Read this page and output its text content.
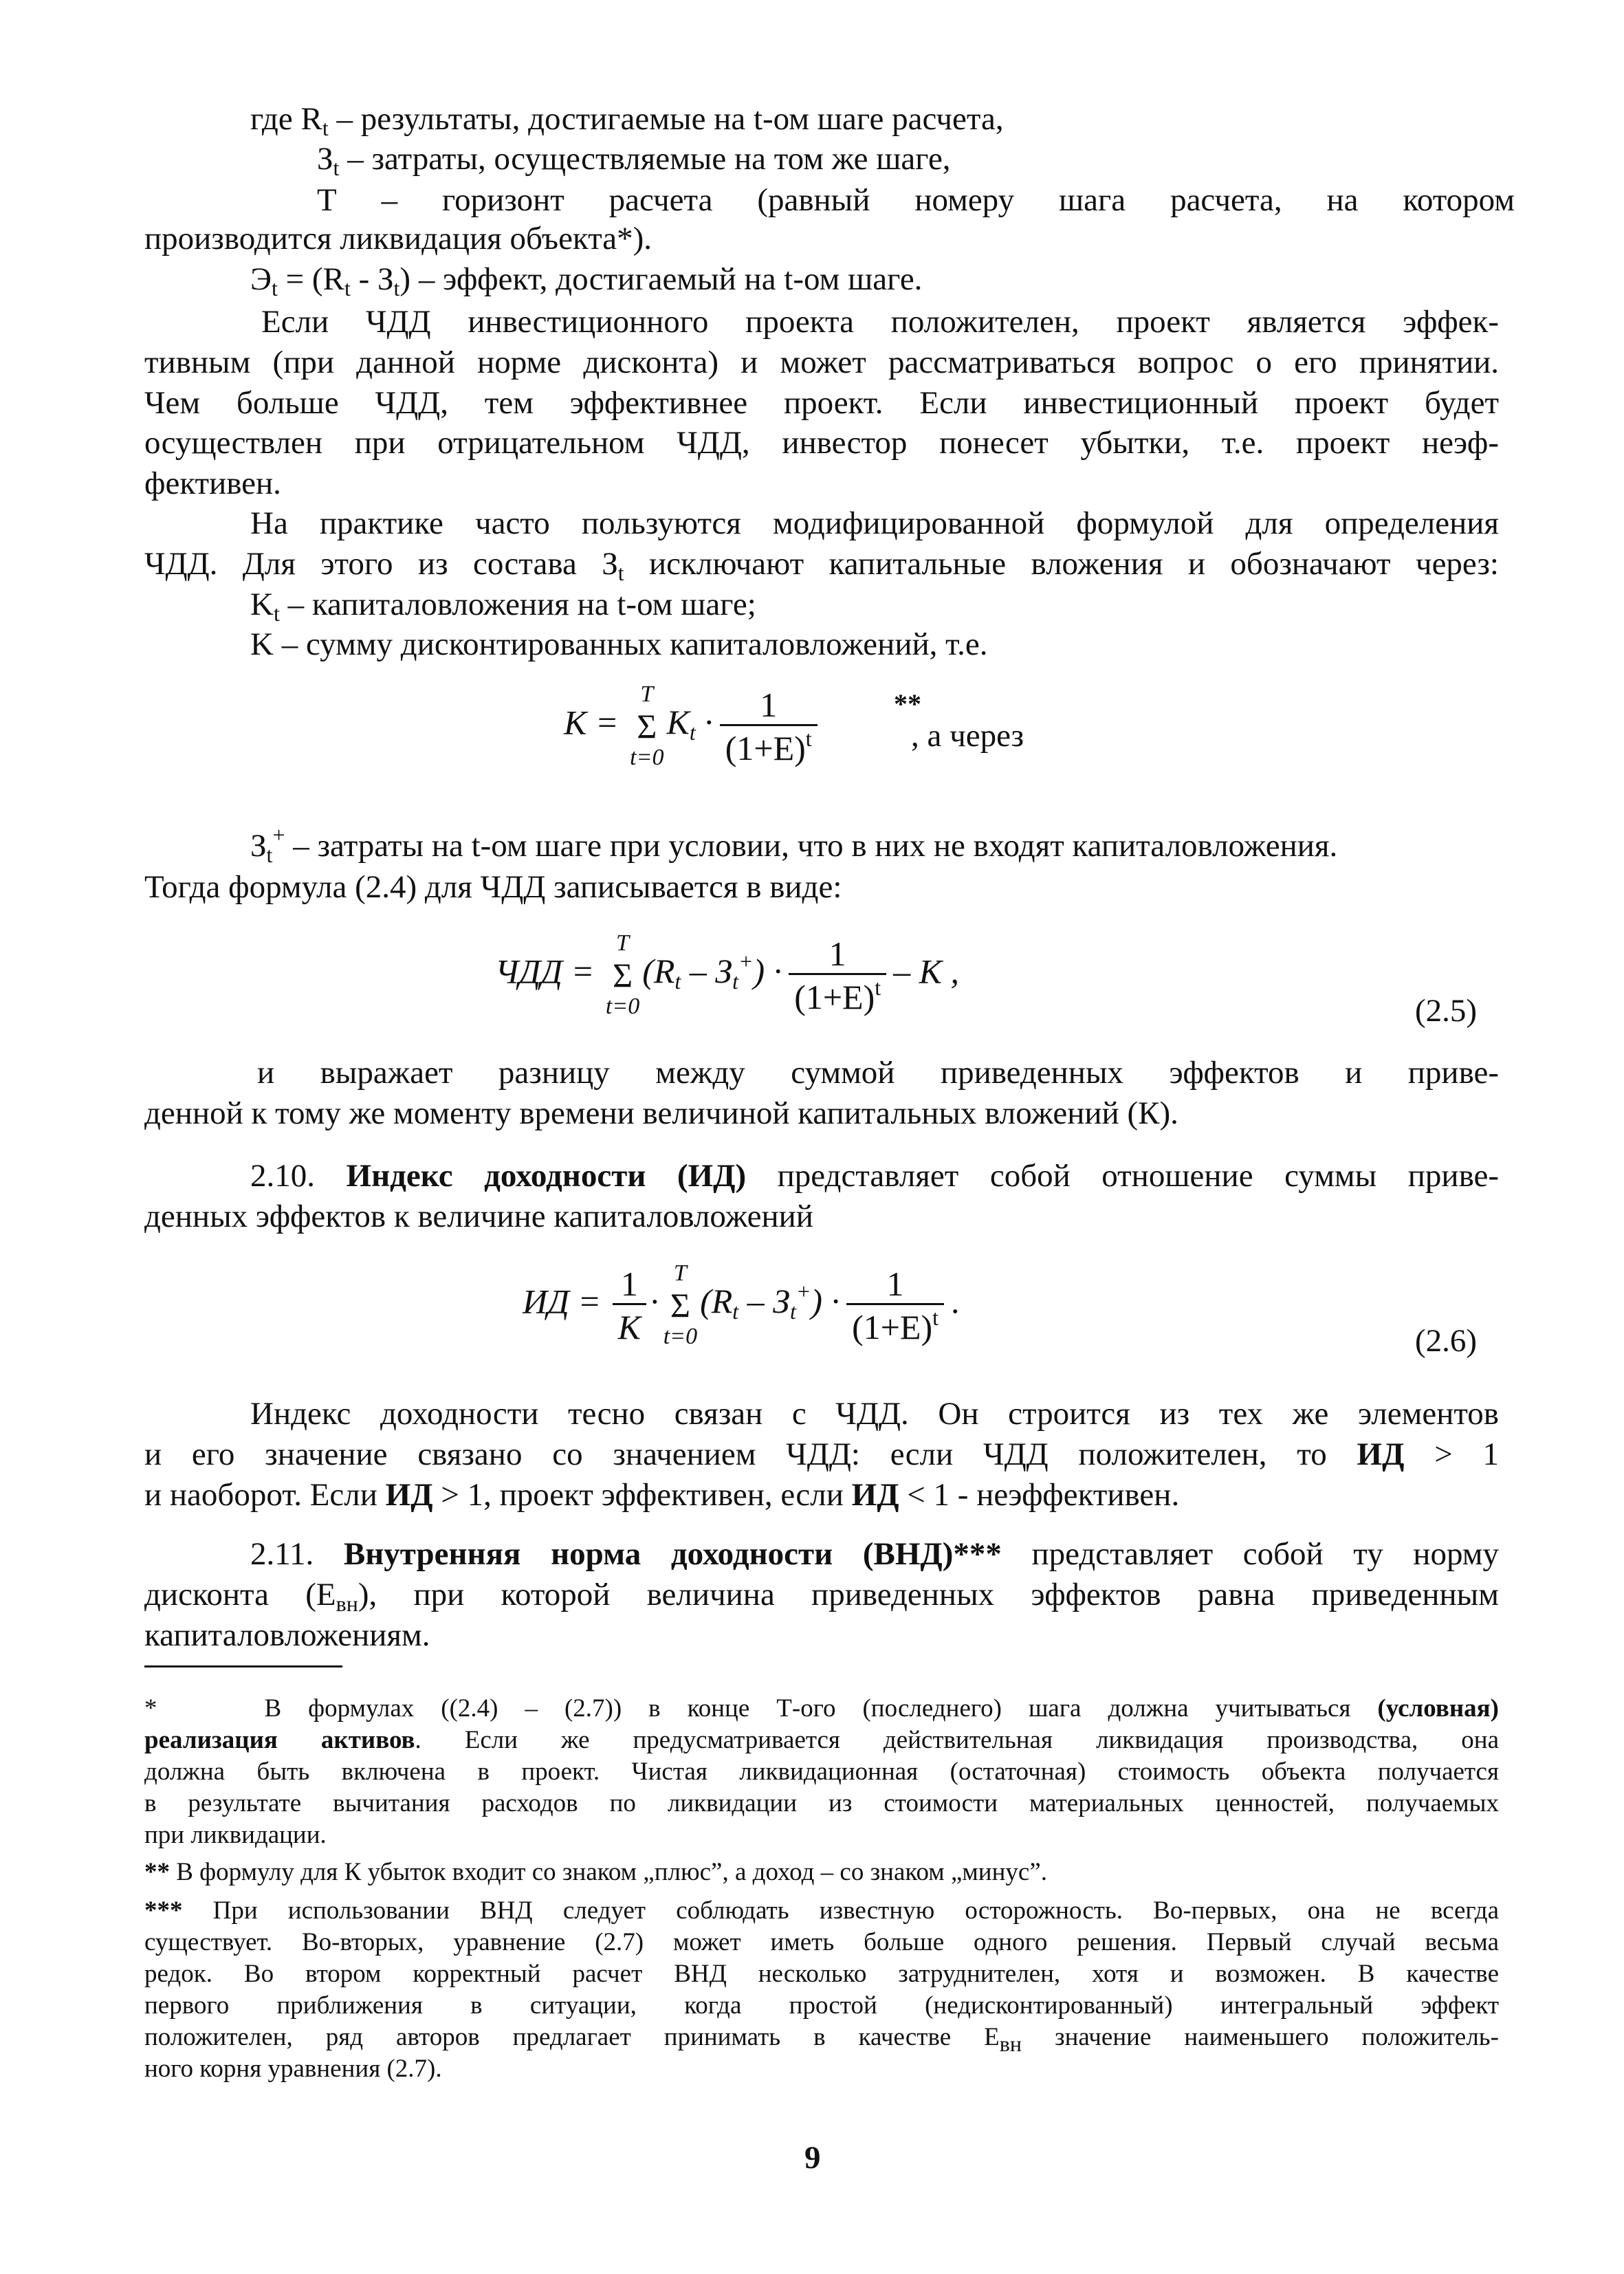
где $R_t$ – результаты, достигаемые на t-ом шаге расчета,
$З_t$ – затраты, осуществляемые на том же шаге,
Т – горизонт расчета (равный номеру шага расчета, на котором
производится ликвидация объекта*).
$Э_t = (R_t - З_t)$ – эффект, достигаемый на t-ом шаге.
Если ЧДД инвестиционного проекта положителен, проект является эффек-
тивным (при данной норме дисконта) и может рассматриваться вопрос о его принятии.
Чем больше ЧДД, тем эффективнее проект. Если инвестиционный проект будет
осуществлен при отрицательном ЧДД, инвестор понесет убытки, т.е. проект неэф-
фективен.
На практике часто пользуются модифицированной формулой для определения
ЧДД. Для этого из состава $З_t$ исключают капитальные вложения и обозначают через:
$K_t$ – капиталовложения на t-ом шаге;
K – сумму дисконтированных капиталовложений, т.е.
K =
T
Σ
t=0
$K_t \cdot \frac{1}{(1+E)^t}$	**
, а через
$З_t^+$ – затраты на t-ом шаге при условии, что в них не входят капиталовложения.
Тогда формула (2.4) для ЧДД записывается в виде:
ЧДД =
T
Σ
t=0
$(R_t - З_t^+) \cdot \frac{1}{(1+E)^t} - K$ ,
(2.5)
и выражает разницу между суммой приведенных эффектов и приве-
денной к тому же моменту времени величиной капитальных вложений (К).
2.10. Индекс доходности (ИД) представляет собой отношение суммы приве-
денных эффектов к величине капиталовложений
ИД = $\frac{1}{K}$ ·
T
Σ
t=0
$(R_t - З_t^+) \cdot \frac{1}{(1+E)^t}$ .
(2.6)
Индекс доходности тесно связан с ЧДД. Он строится из тех же элементов
и его значение связано со значением ЧДД: если ЧДД положителен, то ИД > 1
и наоборот. Если ИД > 1, проект эффективен, если ИД < 1 - неэффективен.
2.11. Внутренняя норма доходности (ВНД)*** представляет собой ту норму
дисконта $(Е_{вн})$, при которой величина приведенных эффектов равна приведенным
капиталовложениям.
*    В формулах ((2.4) – (2.7)) в конце Т-ого (последнего) шага должна учитываться (условная)
реализация активов. Если же предусматривается действительная ликвидация производства, она
должна быть включена в проект. Чистая ликвидационная (остаточная) стоимость объекта получается
в результате вычитания расходов по ликвидации из стоимости материальных ценностей, получаемых
при ликвидации.
** В формулу для К убыток входит со знаком „плюс”, а доход – со знаком „минус”.
*** При использовании ВНД следует соблюдать известную осторожность. Во-первых, она не всегда
существует. Во-вторых, уравнение (2.7) может иметь больше одного решения. Первый случай весьма
редок. Во втором корректный расчет ВНД несколько затруднителен, хотя и возможен. В качестве
первого приближения в ситуации, когда простой (недисконтированный) интегральный эффект
положителен, ряд авторов предлагает принимать в качестве $Е_{вн}$ значение наименьшего положитель-
ного корня уравнения (2.7).
9
